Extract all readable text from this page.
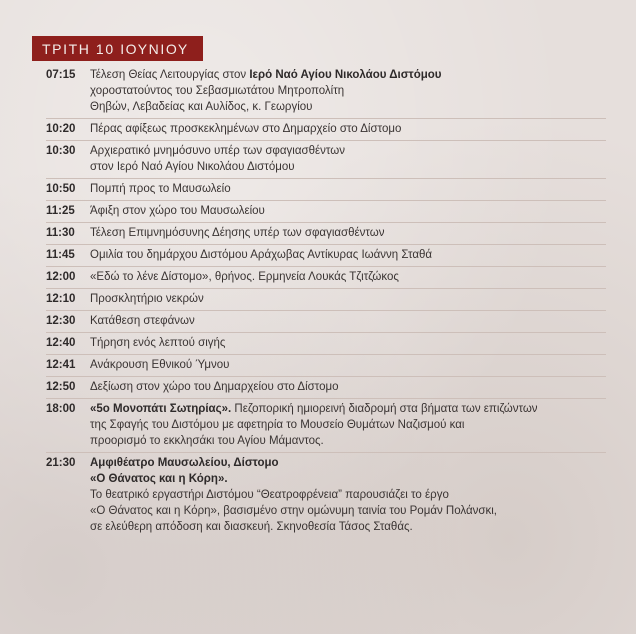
ΤΡΙΤΗ 10 ΙΟΥΝΙΟΥ
07:15	Τέλεση Θείας Λειτουργίας στον Ιερό Ναό Αγίου Νικολάου Διστόμου
χοροστατούντος του Σεβασμιωτάτου Μητροπολίτη
Θηβών, Λεβαδείας και Αυλίδος, κ. Γεωργίου
10:20	Πέρας αφίξεως προσκεκλημένων στο Δημαρχείο στο Δίστομο
10:30	Αρχιερατικό μνημόσυνο υπέρ των σφαγιασθέντων
στον Ιερό Ναό Αγίου Νικολάου Διστόμου
10:50	Πομπή προς το Μαυσωλείο
11:25	Άφιξη στον χώρο του Μαυσωλείου
11:30	Τέλεση Επιμνημόσυνης Δέησης υπέρ των σφαγιασθέντων
11:45	Ομιλία του δημάρχου Διστόμου Αράχωβας Αντίκυρας Ιωάννη Σταθά
12:00	«Εδώ το λένε Δίστομο», θρήνος. Ερμηνεία Λουκάς Τζιτζώκος
12:10	Προσκλητήριο νεκρών
12:30	Κατάθεση στεφάνων
12:40	Τήρηση ενός λεπτού σιγής
12:41	Ανάκρουση Εθνικού Ύμνου
12:50	Δεξίωση στον χώρο του Δημαρχείου στο Δίστομο
18:00	«5ο Μονοπάτι Σωτηρίας». Πεζοπορική ημιορεινή διαδρομή στα βήματα των επιζώντων
της Σφαγής του Διστόμου με αφετηρία το Μουσείο Θυμάτων Ναζισμού και
προορισμό το εκκλησάκι του Αγίου Μάμαντος.
21:30	Αμφιθέατρο Μαυσωλείου, Δίστομο
«Ο Θάνατος και η Κόρη».
Το θεατρικό εργαστήρι Διστόμου “Θεατροφρένεια” παρουσιάζει το έργο
«Ο Θάνατος και η Κόρη», βασισμένο στην ομώνυμη ταινία του Ρομάν Πολάνσκι,
σε ελεύθερη απόδοση και διασκευή. Σκηνοθεσία Τάσος Σταθάς.
